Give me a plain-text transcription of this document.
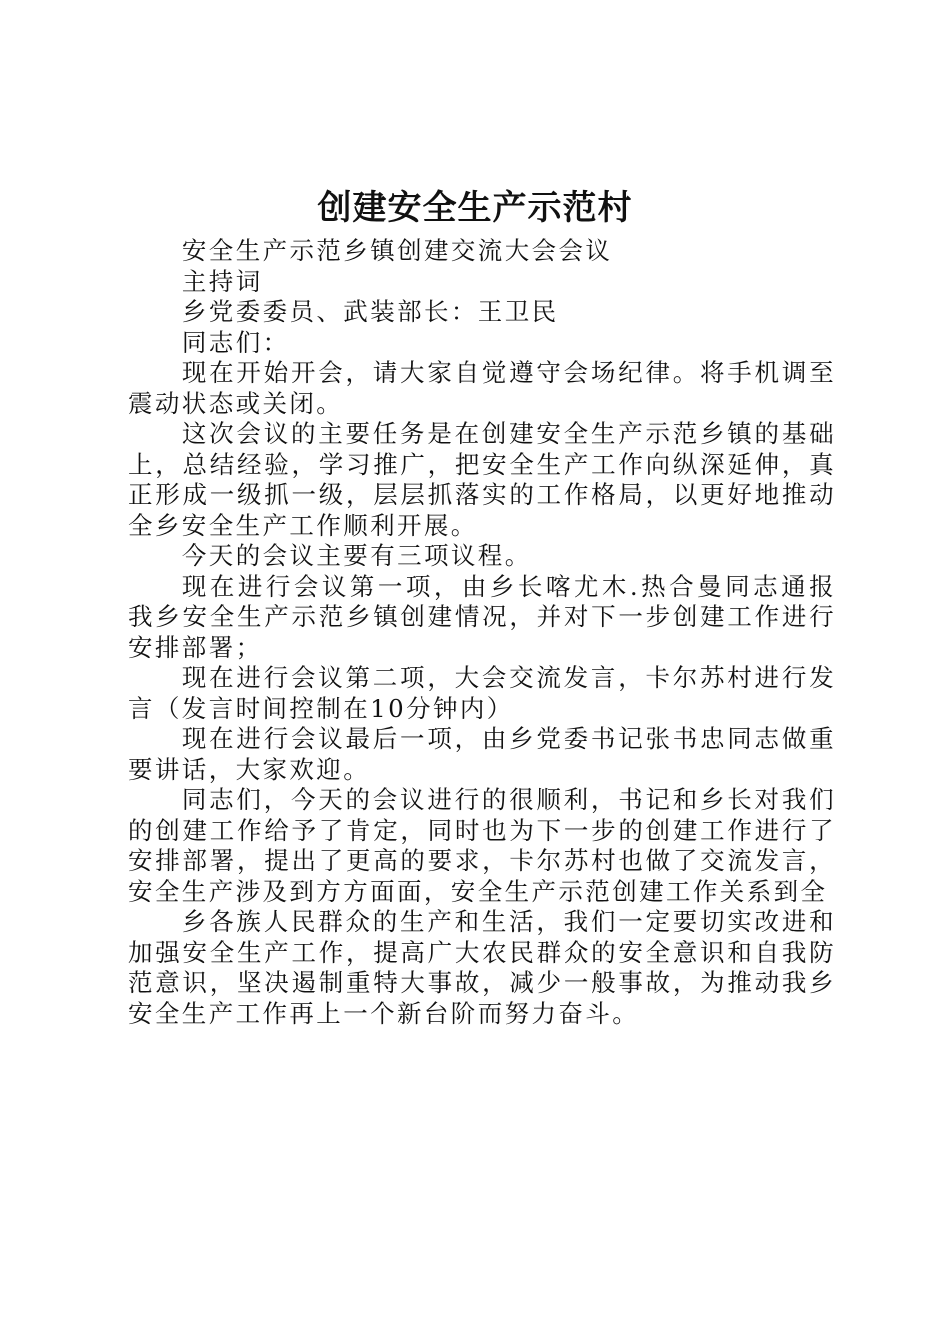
创建安全生产示范村

安全生产示范乡镇创建交流大会会议

主持词

乡党委委员、武装部长：王卫民

同志们：

现在开始开会，请大家自觉遵守会场纪律。将手机调至震动状态或关闭。

这次会议的主要任务是在创建安全生产示范乡镇的基础上，总结经验，学习推广，把安全生产工作向纵深延伸，真正形成一级抓一级，层层抓落实的工作格局，以更好地推动全乡安全生产工作顺利开展。

今天的会议主要有三项议程。

现在进行会议第一项，由乡长喀尤木.热合曼同志通报我乡安全生产示范乡镇创建情况，并对下一步创建工作进行安排部署；

现在进行会议第二项，大会交流发言，卡尔苏村进行发言（发言时间控制在10分钟内）

现在进行会议最后一项，由乡党委书记张书忠同志做重要讲话，大家欢迎。

同志们，今天的会议进行的很顺利，书记和乡长对我们的创建工作给予了肯定，同时也为下一步的创建工作进行了安排部署，提出了更高的要求，卡尔苏村也做了交流发言，安全生产涉及到方方面面，安全生产示范创建工作关系到全

乡各族人民群众的生产和生活，我们一定要切实改进和加强安全生产工作，提高广大农民群众的安全意识和自我防范意识，坚决遏制重特大事故，减少一般事故，为推动我乡安全生产工作再上一个新台阶而努力奋斗。
